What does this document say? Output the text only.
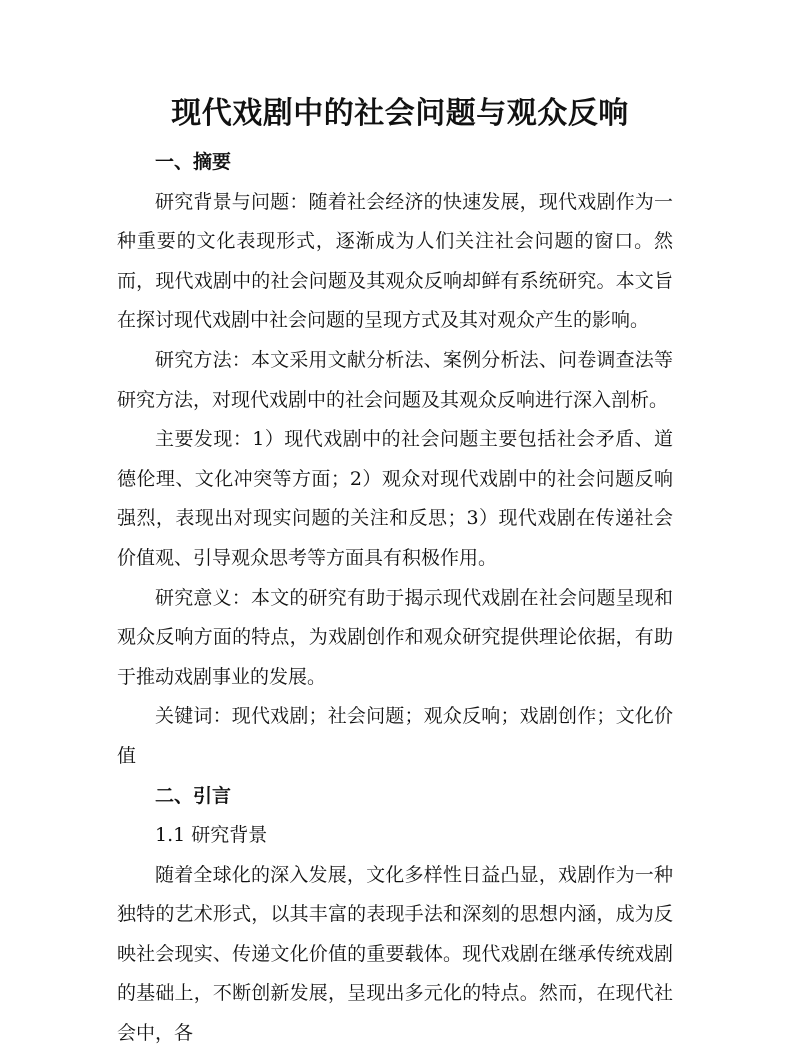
现代戏剧中的社会问题与观众反响
一、摘要

研究背景与问题：随着社会经济的快速发展，现代戏剧作为一种重要的文化表现形式，逐渐成为人们关注社会问题的窗口。然而，现代戏剧中的社会问题及其观众反响却鲜有系统研究。本文旨在探讨现代戏剧中社会问题的呈现方式及其对观众产生的影响。

研究方法：本文采用文献分析法、案例分析法、问卷调查法等研究方法，对现代戏剧中的社会问题及其观众反响进行深入剖析。

主要发现：1）现代戏剧中的社会问题主要包括社会矛盾、道德伦理、文化冲突等方面；2）观众对现代戏剧中的社会问题反响强烈，表现出对现实问题的关注和反思；3）现代戏剧在传递社会价值观、引导观众思考等方面具有积极作用。

研究意义：本文的研究有助于揭示现代戏剧在社会问题呈现和观众反响方面的特点，为戏剧创作和观众研究提供理论依据，有助于推动戏剧事业的发展。

关键词：现代戏剧；社会问题；观众反响；戏剧创作；文化价值

二、引言
1.1 研究背景

随着全球化的深入发展，文化多样性日益凸显，戏剧作为一种独特的艺术形式，以其丰富的表现手法和深刻的思想内涵，成为反映社会现实、传递文化价值的重要载体。现代戏剧在继承传统戏剧的基础上，不断创新发展，呈现出多元化的特点。然而，在现代社会中，各
